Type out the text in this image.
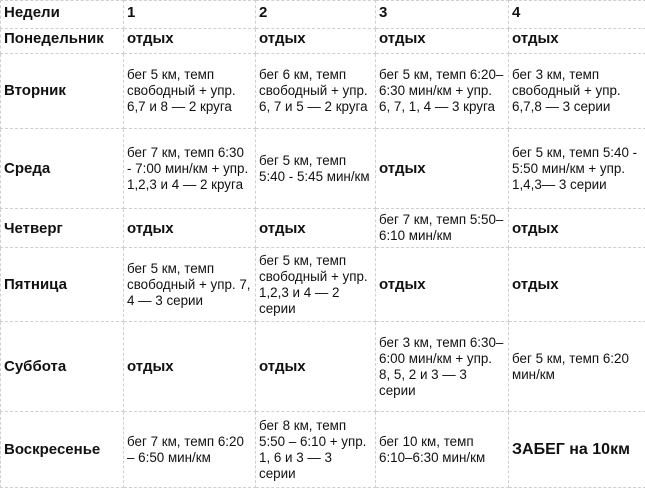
Недели	1	2	3	4
Понедельник	отдых	отдых	отдых	отдых
Вторник	бег 5 км, темп свободный + упр. 6,7 и 8 — 2 круга	бег 6 км, темп свободный + упр. 6, 7 и 5 — 2 круга	бег 5 км, темп 6:20–6:30 мин/км + упр. 6, 7, 1, 4 — 3 круга	бег 3 км, темп свободный + упр. 6,7,8 — 3 серии
Среда	бег 7 км, темп 6:30 - 7:00 мин/км + упр. 1,2,3 и 4 — 2 круга	бег 5 км, темп 5:40 - 5:45 мин/км	отдых	бег 5 км, темп 5:40 - 5:50 мин/км + упр. 1,4,3— 3 серии
Четверг	отдых	отдых	бег 7 км, темп 5:50–6:10 мин/км	отдых
Пятница	бег 5 км, темп свободный + упр. 7, 4 — 3 серии	бег 5 км, темп свободный + упр. 1,2,3 и 4 — 2 серии	отдых	отдых
Суббота	отдых	отдых	бег 3 км, темп 6:30–6:00 мин/км + упр. 8, 5, 2 и 3 — 3 серии	бег 5 км, темп 6:20 мин/км
Воскресенье	бег 7 км, темп 6:20 – 6:50 мин/км	бег 8 км, темп 5:50 – 6:10 + упр. 1, 6 и 3 — 3 серии	бег 10 км, темп 6:10–6:30 мин/км	ЗАБЕГ на 10км
